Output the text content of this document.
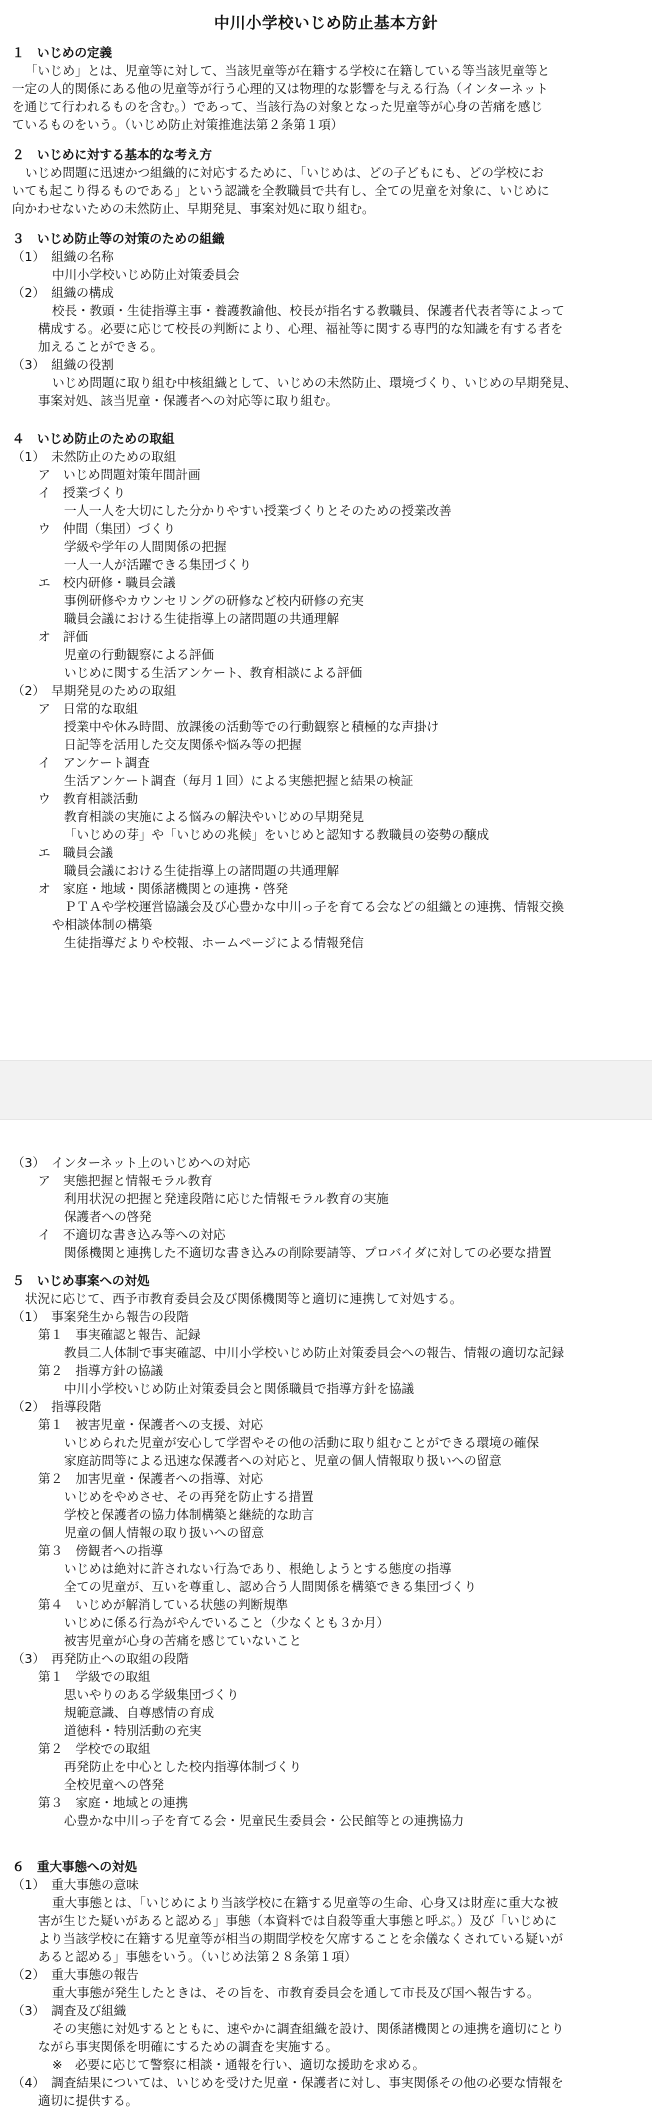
中川小学校いじめ防止基本方針
１　いじめの定義
「いじめ」とは、児童等に対して、当該児童等が在籍する学校に在籍している等当該児童等と
一定の人的関係にある他の児童等が行う心理的又は物理的な影響を与える行為（インターネット
を通じて行われるものを含む。）であって、当該行為の対象となった児童等が心身の苦痛を感じ
ているものをいう。（いじめ防止対策推進法第２条第１項）
２　いじめに対する基本的な考え方
いじめ問題に迅速かつ組織的に対応するために、「いじめは、どの子どもにも、どの学校にお
いても起こり得るものである」という認識を全教職員で共有し、全ての児童を対象に、いじめに
向かわせないための未然防止、早期発見、事案対処に取り組む。
３　いじめ防止等の対策のための組織
（1）　組織の名称
中川小学校いじめ防止対策委員会
（2）　組織の構成
校長・教頭・生徒指導主事・養護教諭他、校長が指名する教職員、保護者代表者等によって
構成する。必要に応じて校長の判断により、心理、福祉等に関する専門的な知識を有する者を
加えることができる。
（3）　組織の役割
いじめ問題に取り組む中核組織として、いじめの未然防止、環境づくり、いじめの早期発見、
事案対処、該当児童・保護者への対応等に取り組む。
４　いじめ防止のための取組
（1）　未然防止のための取組
ア　いじめ問題対策年間計画
イ　授業づくり
一人一人を大切にした分かりやすい授業づくりとそのための授業改善
ウ　仲間（集団）づくり
学級や学年の人間関係の把握
一人一人が活躍できる集団づくり
エ　校内研修・職員会議
事例研修やカウンセリングの研修など校内研修の充実
職員会議における生徒指導上の諸問題の共通理解
オ　評価
児童の行動観察による評価
いじめに関する生活アンケート、教育相談による評価
（2）　早期発見のための取組
ア　日常的な取組
授業中や休み時間、放課後の活動等での行動観察と積極的な声掛け
日記等を活用した交友関係や悩み等の把握
イ　アンケート調査
生活アンケート調査（毎月１回）による実態把握と結果の検証
ウ　教育相談活動
教育相談の実施による悩みの解決やいじめの早期発見
「いじめの芽」や「いじめの兆候」をいじめと認知する教職員の姿勢の醸成
エ　職員会議
職員会議における生徒指導上の諸問題の共通理解
オ　家庭・地域・関係諸機関との連携・啓発
ＰＴＡや学校運営協議会及び心豊かな中川っ子を育てる会などの組織との連携、情報交換
や相談体制の構築
生徒指導だよりや校報、ホームページによる情報発信
（3）　インターネット上のいじめへの対応
ア　実態把握と情報モラル教育
利用状況の把握と発達段階に応じた情報モラル教育の実施
保護者への啓発
イ　不適切な書き込み等への対応
関係機関と連携した不適切な書き込みの削除要請等、プロバイダに対しての必要な措置
５　いじめ事案への対処
状況に応じて、西予市教育委員会及び関係機関等と適切に連携して対処する。
（1）　事案発生から報告の段階
第１　事実確認と報告、記録
教員二人体制で事実確認、中川小学校いじめ防止対策委員会への報告、情報の適切な記録
第２　指導方針の協議
中川小学校いじめ防止対策委員会と関係職員で指導方針を協議
（2）　指導段階
第１　被害児童・保護者への支援、対応
いじめられた児童が安心して学習やその他の活動に取り組むことができる環境の確保
家庭訪問等による迅速な保護者への対応と、児童の個人情報取り扱いへの留意
第２　加害児童・保護者への指導、対応
いじめをやめさせ、その再発を防止する措置
学校と保護者の協力体制構築と継続的な助言
児童の個人情報の取り扱いへの留意
第３　傍観者への指導
いじめは絶対に許されない行為であり、根絶しようとする態度の指導
全ての児童が、互いを尊重し、認め合う人間関係を構築できる集団づくり
第４　いじめが解消している状態の判断規準
いじめに係る行為がやんでいること（少なくとも３か月）
被害児童が心身の苦痛を感じていないこと
（3）　再発防止への取組の段階
第１　学級での取組
思いやりのある学級集団づくり
規範意識、自尊感情の育成
道徳科・特別活動の充実
第２　学校での取組
再発防止を中心とした校内指導体制づくり
全校児童への啓発
第３　家庭・地域との連携
心豊かな中川っ子を育てる会・児童民生委員会・公民館等との連携協力
６　重大事態への対処
（1）　重大事態の意味
重大事態とは、「いじめにより当該学校に在籍する児童等の生命、心身又は財産に重大な被
害が生じた疑いがあると認める」事態（本資料では自殺等重大事態と呼ぶ。）及び「いじめに
より当該学校に在籍する児童等が相当の期間学校を欠席することを余儀なくされている疑いが
あると認める」事態をいう。（いじめ法第２８条第１項）
（2）　重大事態の報告
重大事態が発生したときは、その旨を、市教育委員会を通して市長及び国へ報告する。
（3）　調査及び組織
その実態に対処するとともに、速やかに調査組織を設け、関係諸機関との連携を適切にとり
ながら事実関係を明確にするための調査を実施する。
※　必要に応じて警察に相談・通報を行い、適切な援助を求める。
（4）　調査結果については、いじめを受けた児童・保護者に対し、事実関係その他の必要な情報を
適切に提供する。
